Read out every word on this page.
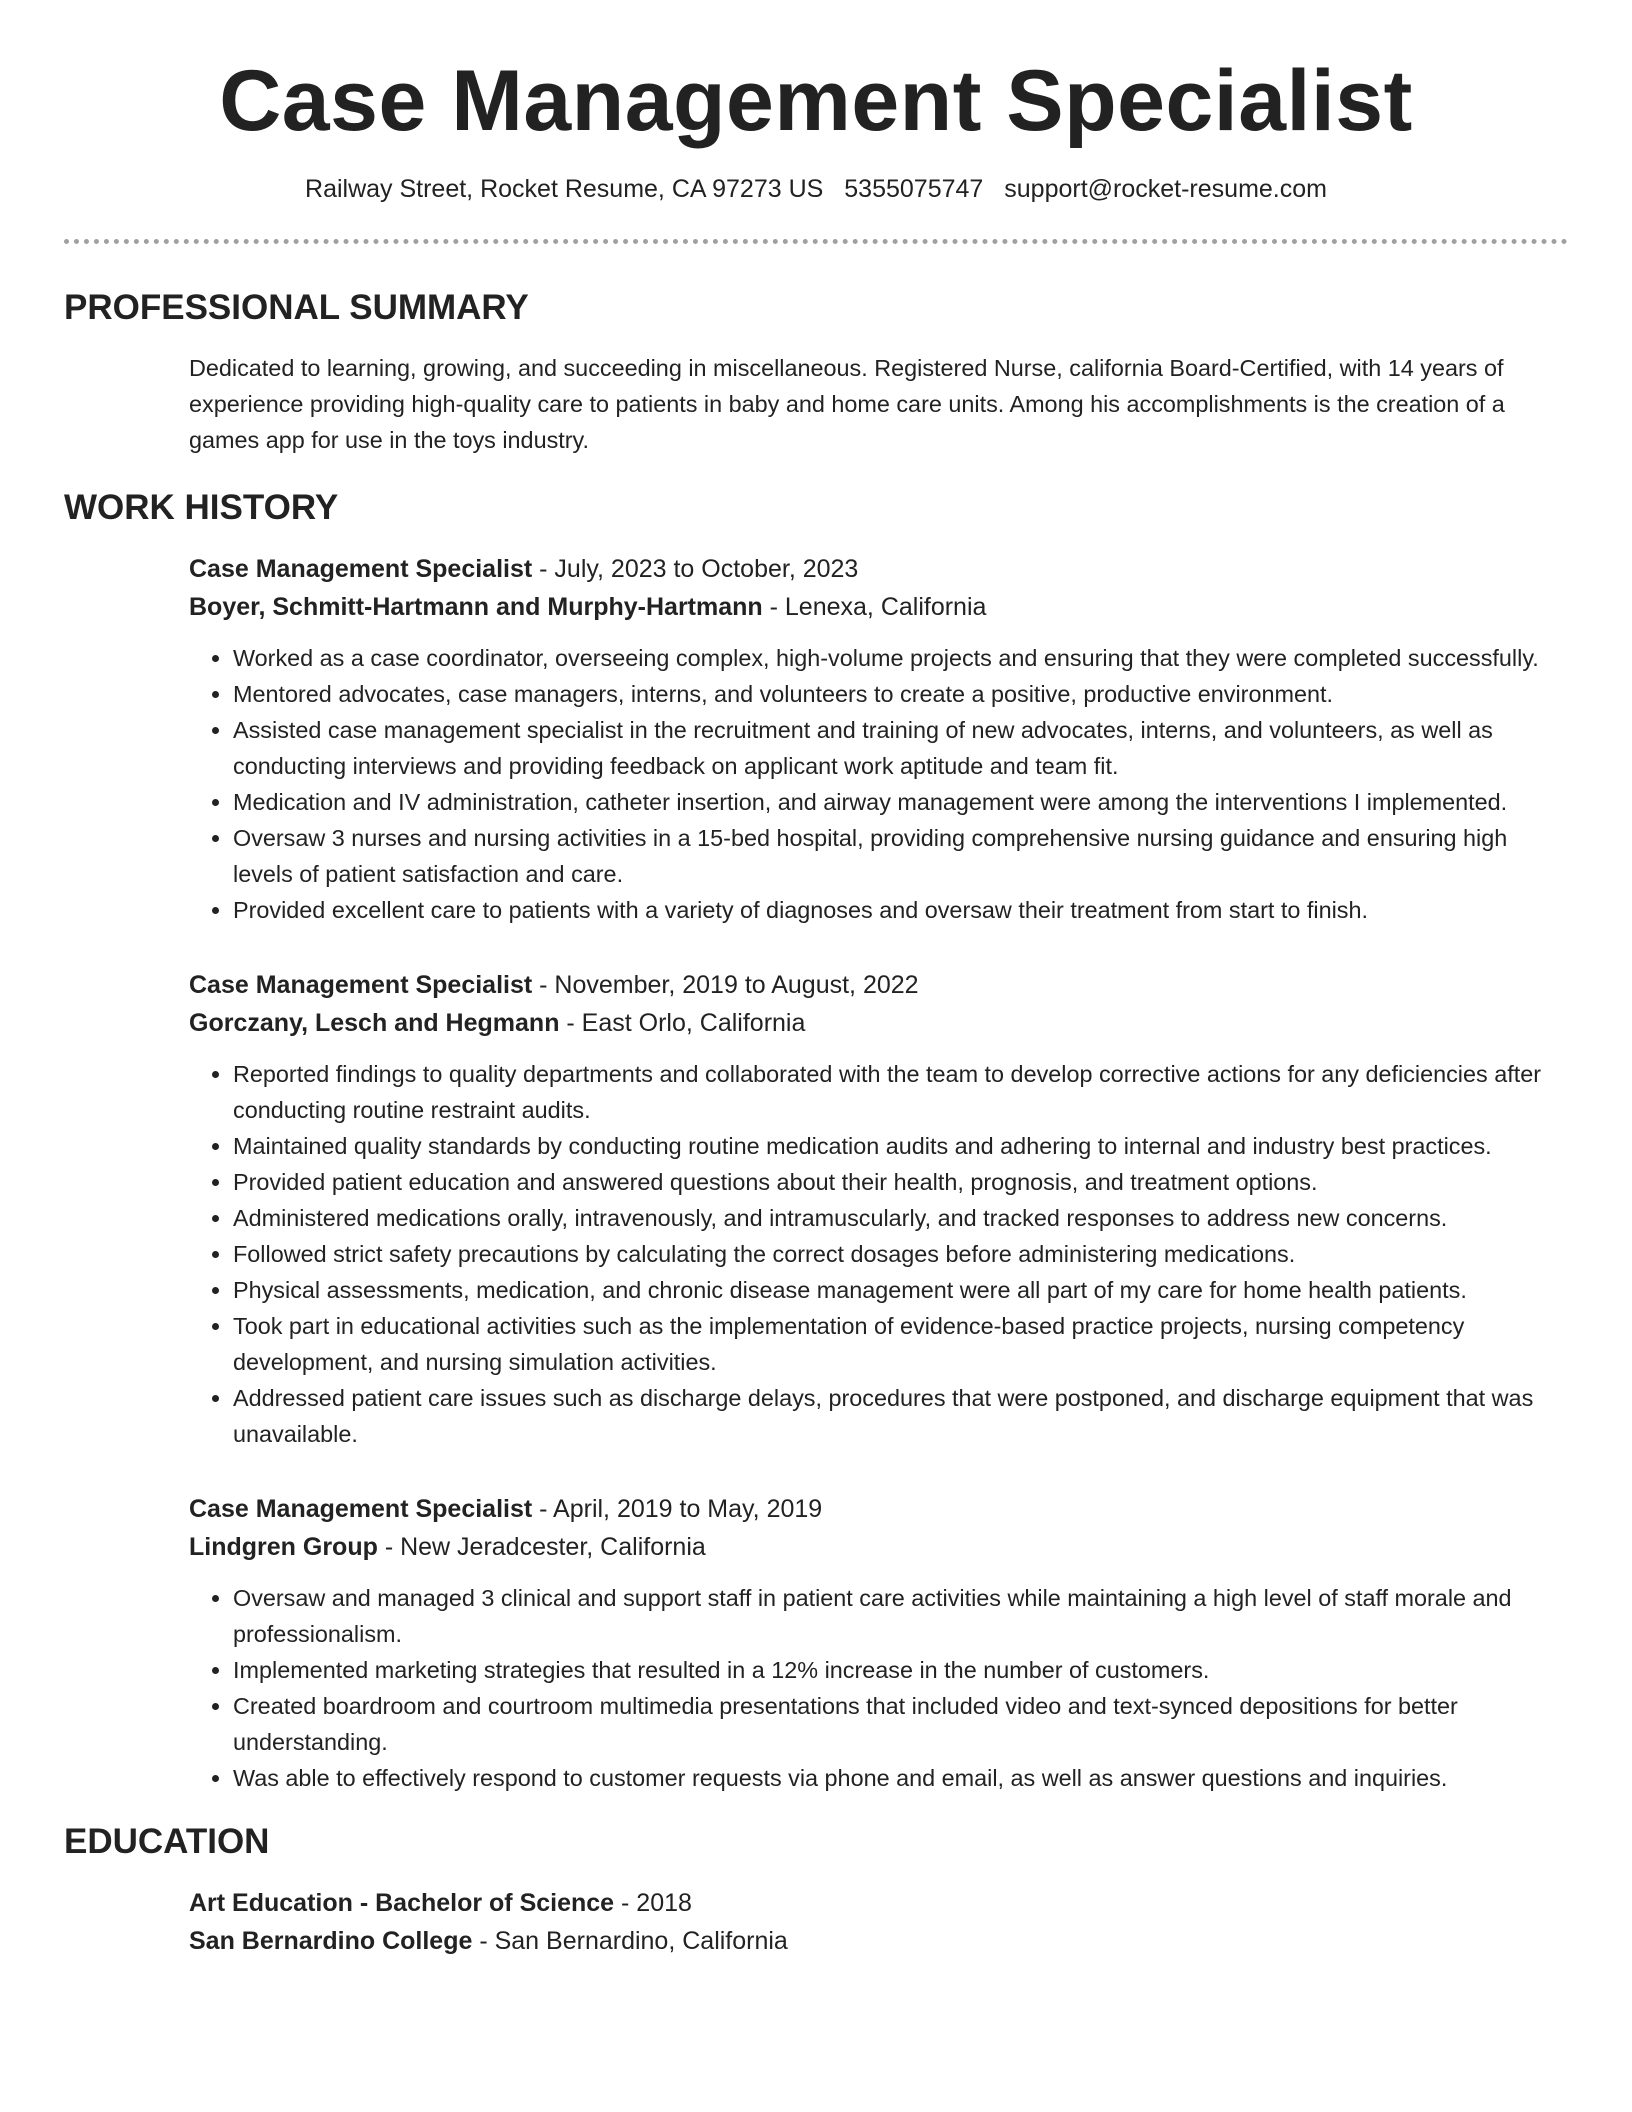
Case Management Specialist
Railway Street, Rocket Resume, CA 97273 US 5355075747 support@rocket-resume.com
PROFESSIONAL SUMMARY
Dedicated to learning, growing, and succeeding in miscellaneous. Registered Nurse, california Board-Certified, with 14 years of experience providing high-quality care to patients in baby and home care units. Among his accomplishments is the creation of a games app for use in the toys industry.
WORK HISTORY
Case Management Specialist - July, 2023 to October, 2023
Boyer, Schmitt-Hartmann and Murphy-Hartmann - Lenexa, California
• Worked as a case coordinator, overseeing complex, high-volume projects and ensuring that they were completed successfully.
• Mentored advocates, case managers, interns, and volunteers to create a positive, productive environment.
• Assisted case management specialist in the recruitment and training of new advocates, interns, and volunteers, as well as conducting interviews and providing feedback on applicant work aptitude and team fit.
• Medication and IV administration, catheter insertion, and airway management were among the interventions I implemented.
• Oversaw 3 nurses and nursing activities in a 15-bed hospital, providing comprehensive nursing guidance and ensuring high levels of patient satisfaction and care.
• Provided excellent care to patients with a variety of diagnoses and oversaw their treatment from start to finish.
Case Management Specialist - November, 2019 to August, 2022
Gorczany, Lesch and Hegmann - East Orlo, California
• Reported findings to quality departments and collaborated with the team to develop corrective actions for any deficiencies after conducting routine restraint audits.
• Maintained quality standards by conducting routine medication audits and adhering to internal and industry best practices.
• Provided patient education and answered questions about their health, prognosis, and treatment options.
• Administered medications orally, intravenously, and intramuscularly, and tracked responses to address new concerns.
• Followed strict safety precautions by calculating the correct dosages before administering medications.
• Physical assessments, medication, and chronic disease management were all part of my care for home health patients.
• Took part in educational activities such as the implementation of evidence-based practice projects, nursing competency development, and nursing simulation activities.
• Addressed patient care issues such as discharge delays, procedures that were postponed, and discharge equipment that was unavailable.
Case Management Specialist - April, 2019 to May, 2019
Lindgren Group - New Jeradcester, California
• Oversaw and managed 3 clinical and support staff in patient care activities while maintaining a high level of staff morale and professionalism.
• Implemented marketing strategies that resulted in a 12% increase in the number of customers.
• Created boardroom and courtroom multimedia presentations that included video and text-synced depositions for better understanding.
• Was able to effectively respond to customer requests via phone and email, as well as answer questions and inquiries.
EDUCATION
Art Education - Bachelor of Science - 2018
San Bernardino College - San Bernardino, California
